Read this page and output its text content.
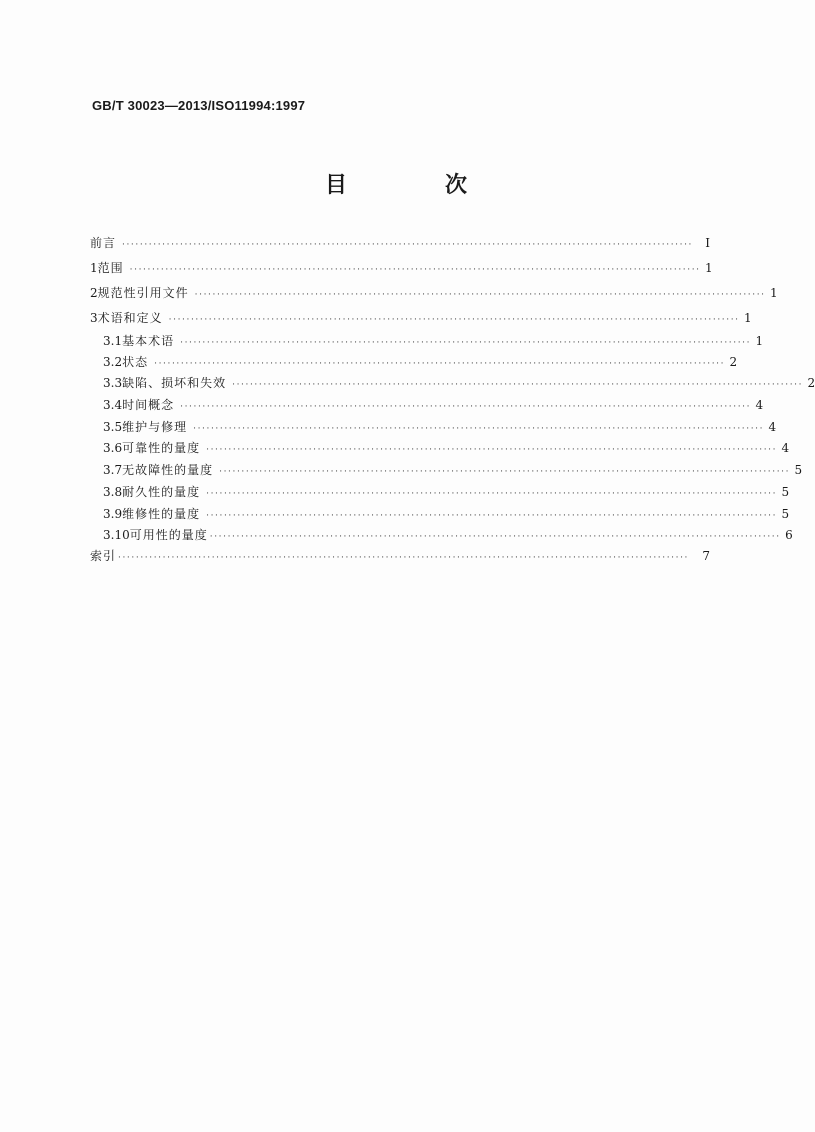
GB/T 30023—2013/ISO11994:1997
目　次
前言 ································································································································	Ⅰ
1 范围 ································································································································ 1
2 规范性引用文件 ································································································································ 1
3 术语和定义 ································································································································ 1
3.1 基本术语 ································································································································ 1
3.2 状态 ································································································································ 2
3.3 缺陷、损坏和失效 ································································································································ 2
3.4 时间概念 ································································································································ 4
3.5 维护与修理 ································································································································ 4
3.6 可靠性的量度 ································································································································ 4
3.7 无故障性的量度 ································································································································ 5
3.8 耐久性的量度 ································································································································ 5
3.9 维修性的量度 ································································································································ 5
3.10 可用性的量度 ································································································································ 6
索引 ································································································································	7
